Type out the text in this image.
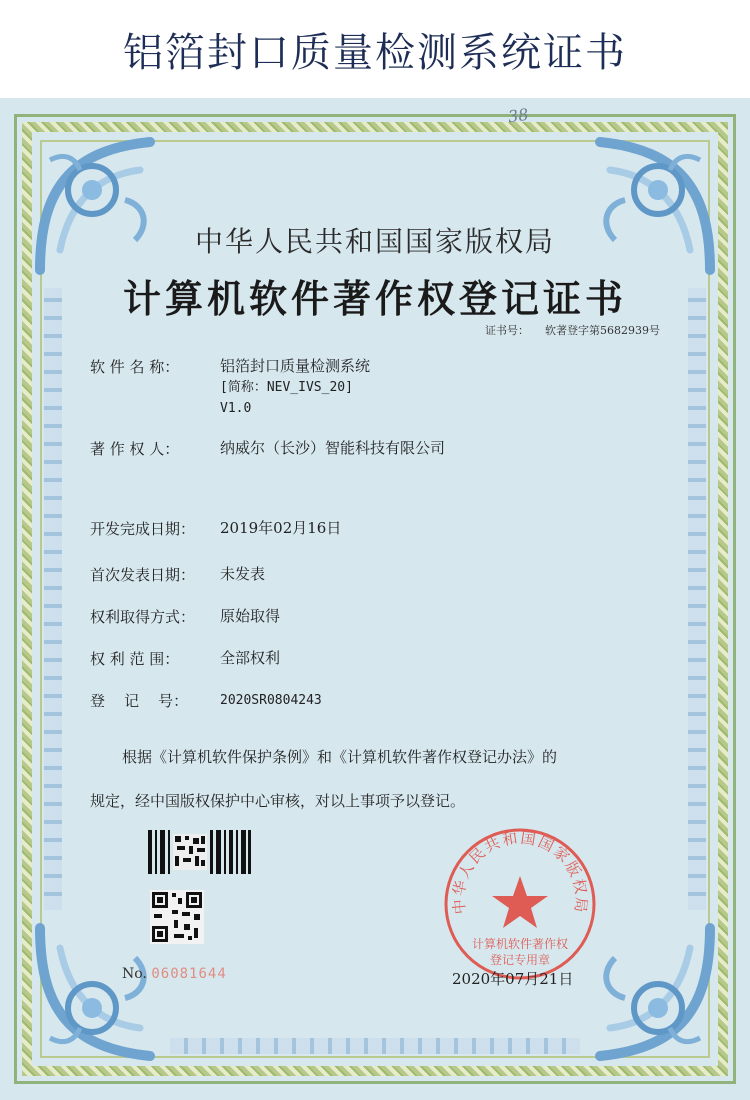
铝箔封口质量检测系统证书
38
中华人民共和国国家版权局
计算机软件著作权登记证书
证书号： 软著登字第5682939号
软 件 名 称：	铝箔封口质量检测系统
[简称：NEV_IVS_20]
V1.0
著 作 权 人：	纳威尔（长沙）智能科技有限公司
开发完成日期：	2019年02月16日
首次发表日期：	未发表
权利取得方式：	原始取得
权 利 范 围：	全部权利
登    记    号：	2020SR0804243
根据《计算机软件保护条例》和《计算机软件著作权登记办法》的
规定，经中国版权保护中心审核，对以上事项予以登记。
No. 06081644
中华人民共和国国家版权局
计算机软件著作权
登记专用章
2020年07月21日
